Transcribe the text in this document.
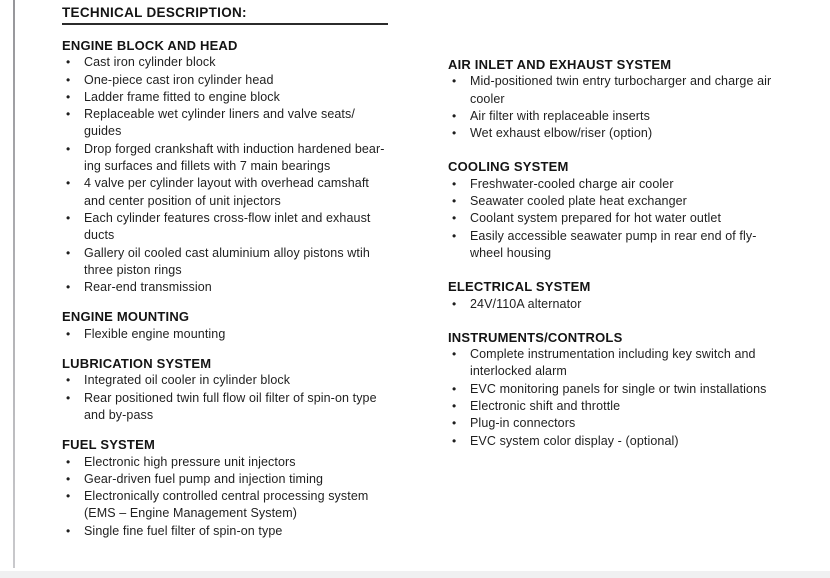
TECHNICAL DESCRIPTION:
ENGINE BLOCK AND HEAD
•	Cast iron cylinder block
•	One-piece cast iron cylinder head
•	Ladder frame fitted to engine block
•	Replaceable wet cylinder liners and valve seats/
guides
•	Drop forged crankshaft with induction hardened bear-
ing surfaces and fillets with 7 main bearings
•	4 valve per cylinder layout with overhead camshaft
and center position of unit injectors
•	Each cylinder features cross-flow inlet and exhaust
ducts
•	Gallery oil cooled cast aluminium alloy pistons wtih
three piston rings
•	Rear-end transmission
ENGINE MOUNTING
•	Flexible engine mounting
LUBRICATION SYSTEM
•	Integrated oil cooler in cylinder block
•	Rear positioned twin full flow oil filter of spin-on type
and by-pass
FUEL SYSTEM
•	Electronic high pressure unit injectors
•	Gear-driven fuel pump and injection timing
•	Electronically controlled central processing system
(EMS – Engine Management System)
•	Single fine fuel filter of spin-on type
AIR INLET AND EXHAUST SYSTEM
•	Mid-positioned twin entry turbocharger and charge air
cooler
•	Air filter with replaceable inserts
•	Wet exhaust elbow/riser (option)
COOLING SYSTEM
•	Freshwater-cooled charge air cooler
•	Seawater cooled plate heat exchanger
•	Coolant system prepared for hot water outlet
•	Easily accessible seawater pump in rear end of fly-
wheel housing
ELECTRICAL SYSTEM
•	24V/110A alternator
INSTRUMENTS/CONTROLS
•	Complete instrumentation including key switch and
interlocked alarm
•	EVC monitoring panels for single or twin installations
•	Electronic shift and throttle
•	Plug-in connectors
•	EVC system color display - (optional)
